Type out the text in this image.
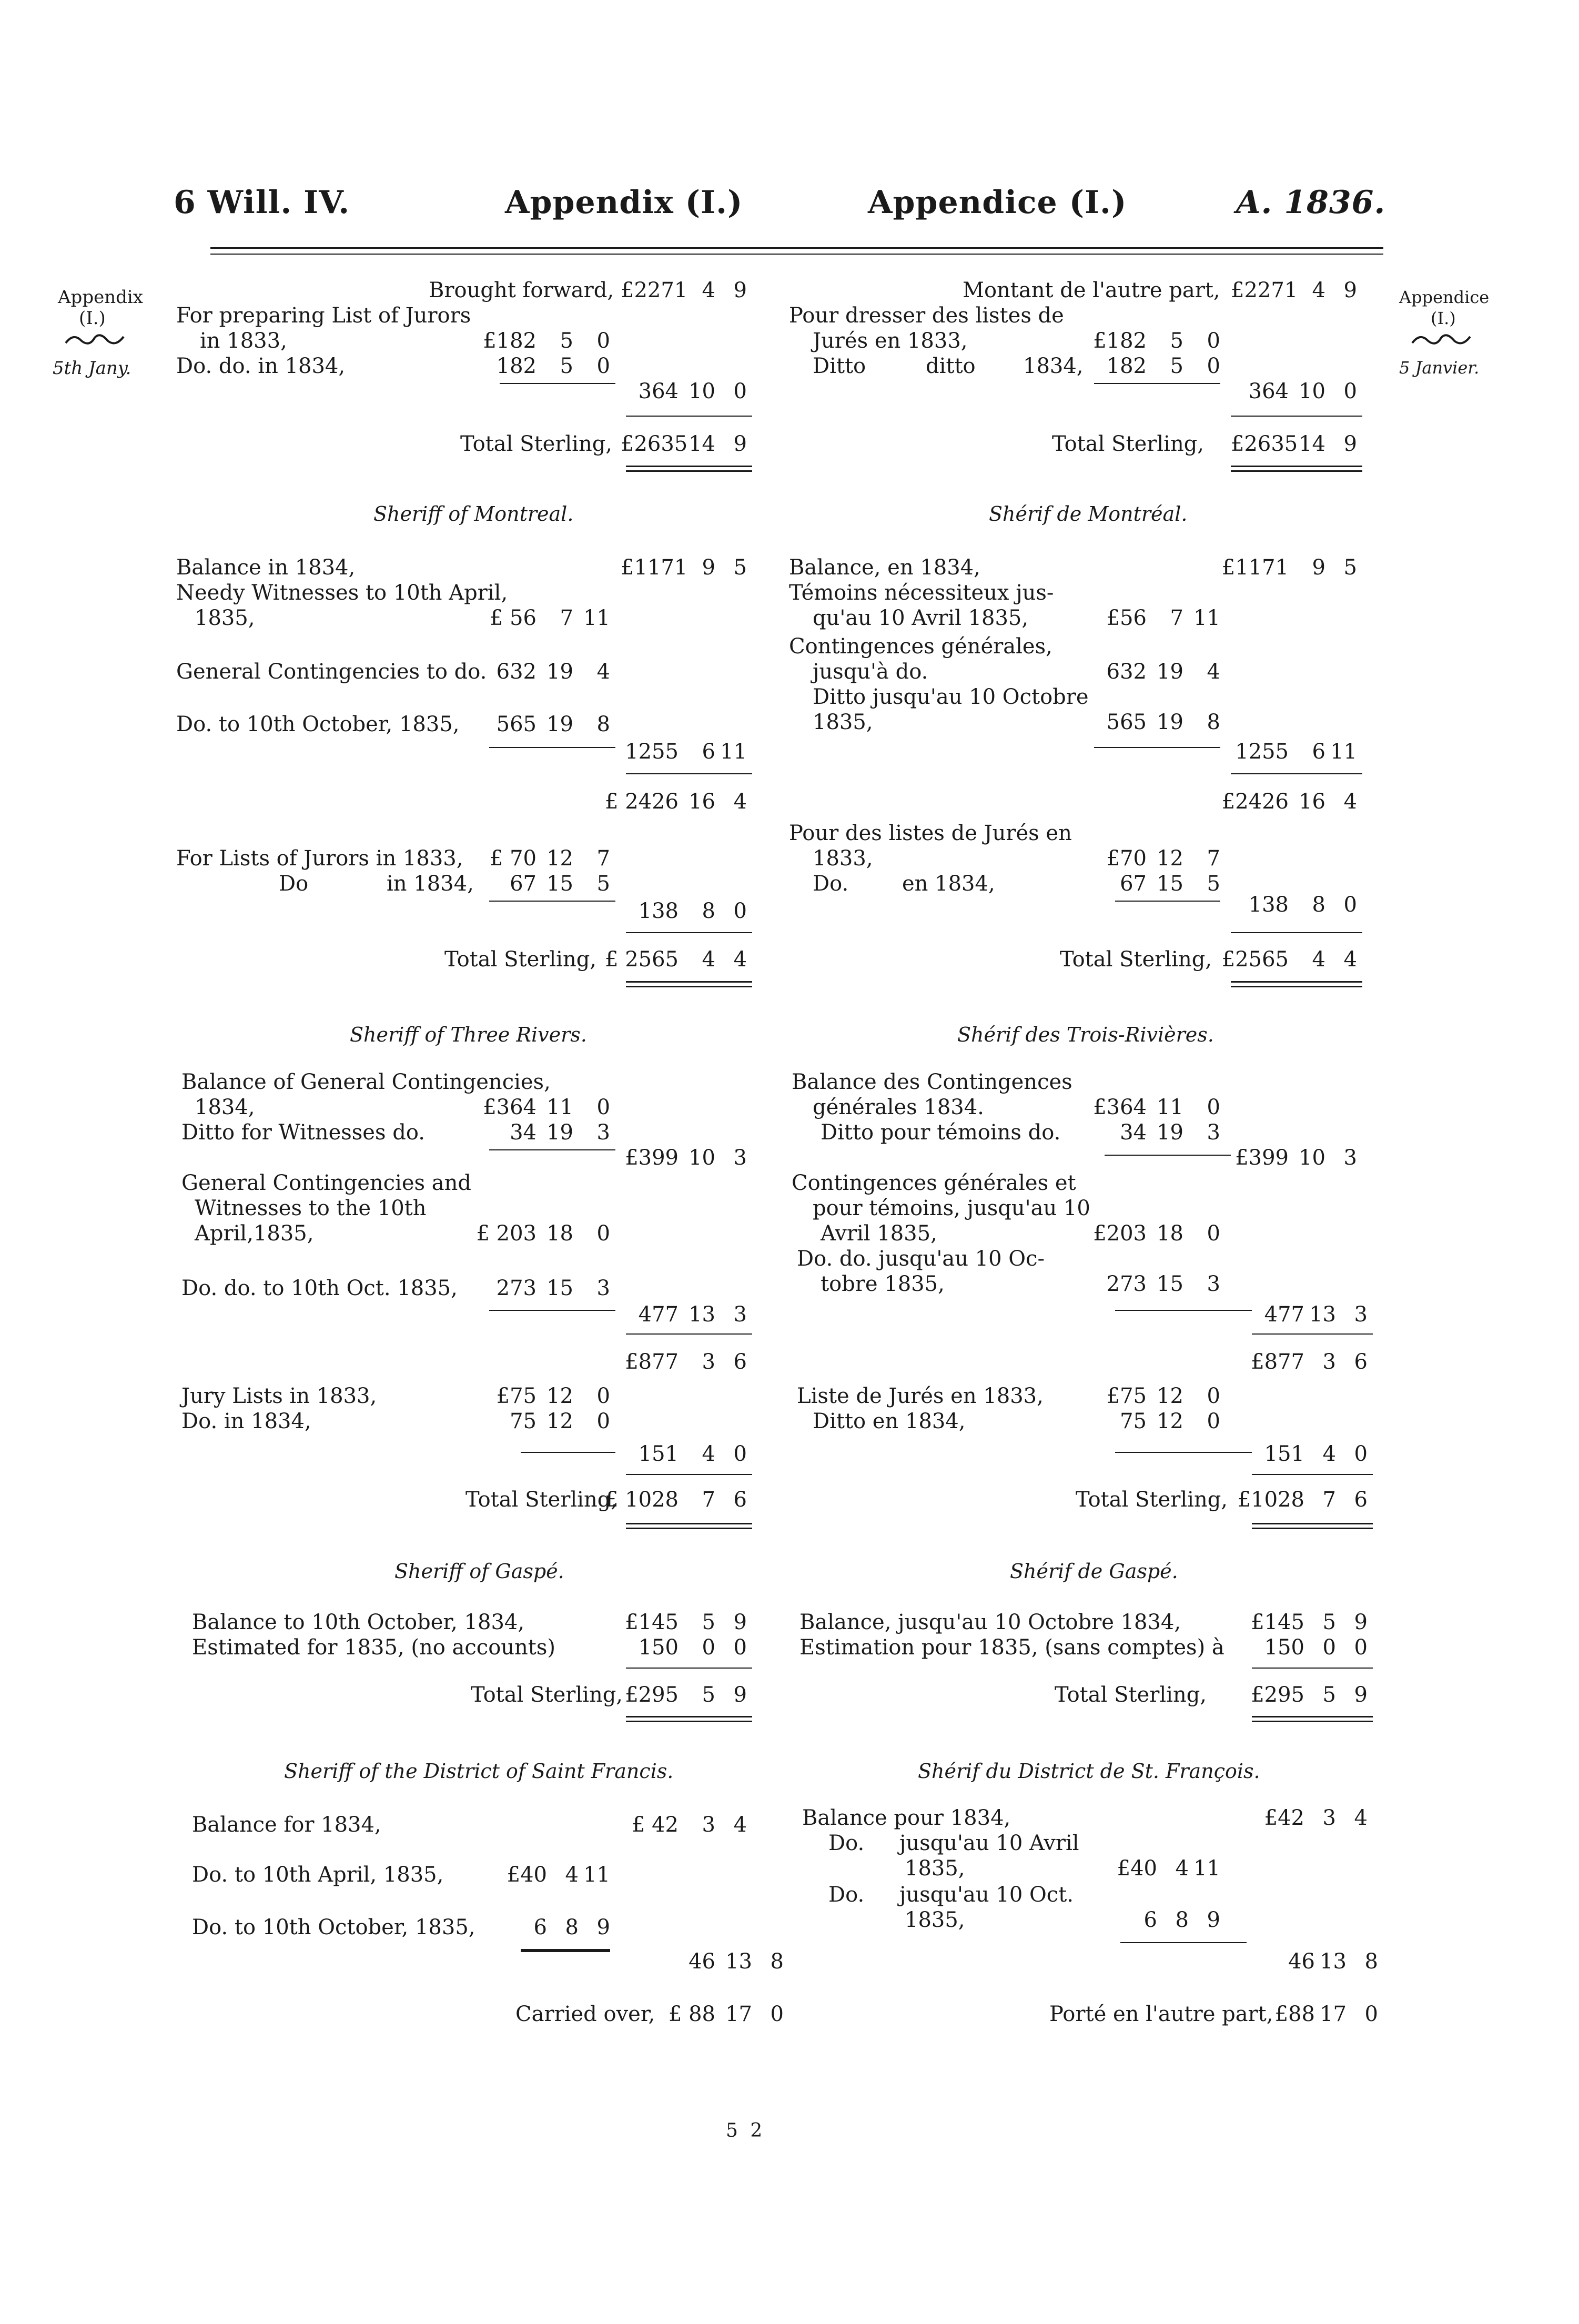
6 Will. IV.	Appendix (I.)	Appendice (I.)	A. 1836.
Appendix
(I.)
5th Jany.
Appendice
(I.)
5 Janvier.
Brought forward, £2271 4 9
For preparing List of Jurors
in 1833,	£182	5	0
Do. do. in 1834,	182	5	0
364 10 0
Total Sterling, £2635 14 9
Sheriff of Montreal.
Balance in 1834,	£1171 9 5
Needy Witnesses to 10th April,
1835,	£ 56	7 11
General Contingencies to do. 632 19	4
Do. to 10th October, 1835,	565 19	8
1255	6 11
£ 2426 16 4
For Lists of Jurors in 1833,	£ 70 12	7
Do	in 1834,	67 15	5
138	8 0
Total Sterling, £ 2565	4 4
Sheriff of Three Rivers.
Balance of General Contingencies,
1834,	£364 11	0
Ditto for Witnesses do.	34 19	3
£399 10 3
General Contingencies and
Witnesses to the 10th
April,1835,	£ 203 18	0
Do. do. to 10th Oct. 1835,	273 15	3
477 13 3
£877	3 6
Jury Lists in 1833,	£75 12	0
Do. in 1834,	75 12	0
151	4 0
Total Sterling,
£ 1028	7 6
Sheriff of Gaspé.
Balance to 10th October, 1834,	£145	5 9
Estimated for 1835, (no accounts)	150	0 0
Total Sterling, £295	5 9
Sheriff of the District of Saint Francis.
Balance for 1834,	£ 42	3 4
Do. to 10th April, 1835,	£40 4 11
Do. to 10th October, 1835,	6 8 9
46 13 8
Carried over, £ 88 17 0
Montant de l'autre part, £2271 4 9
Pour dresser des listes de
Jurés en 1833,	£182	5	0
Ditto	ditto 1834,	182	5	0
364 10 0
Total Sterling, £2635 14 9
Shérif de Montréal.
Balance, en 1834,	£1171	9 5
Témoins nécessiteux jus-
qu'au 10 Avril 1835,	£56	7 11
Contingences générales,
jusqu'à do.	632 19	4
Ditto jusqu'au 10 Octobre
1835,	565 19	8
1255	6 11
£2426 16 4
Pour des listes de Jurés en
1833,	£70 12	7
Do.	en 1834,	67 15	5
138	8 0
Total Sterling, £2565	4 4
Shérif des Trois-Rivières.
Balance des Contingences
générales 1834.	£364 11	0
Ditto pour témoins do.	34 19	3
£399 10 3
Contingences générales et
pour témoins, jusqu'au 10
Avril 1835,	£203 18	0
Do. do. jusqu'au 10 Oc-
tobre 1835,	273 15	3
477 13 3
£877 3 6
Liste de Jurés en 1833,	£75 12	0
Ditto en 1834,	75 12	0
151 4 0
Total Sterling, £1028 7 6
Shérif de Gaspé.
Balance, jusqu'au 10 Octobre 1834,	£145 5 9
Estimation pour 1835, (sans comptes) à	150 0 0
Total Sterling, £295 5 9
Shérif du District de St. François.
Balance pour 1834,	£42 3 4
Do. jusqu'au 10 Avril
1835,	£40 4 11
Do. jusqu'au 10 Oct.
1835,	6 8 9
46 13 8
Porté en l'autre part, £88 17 0
5 2
